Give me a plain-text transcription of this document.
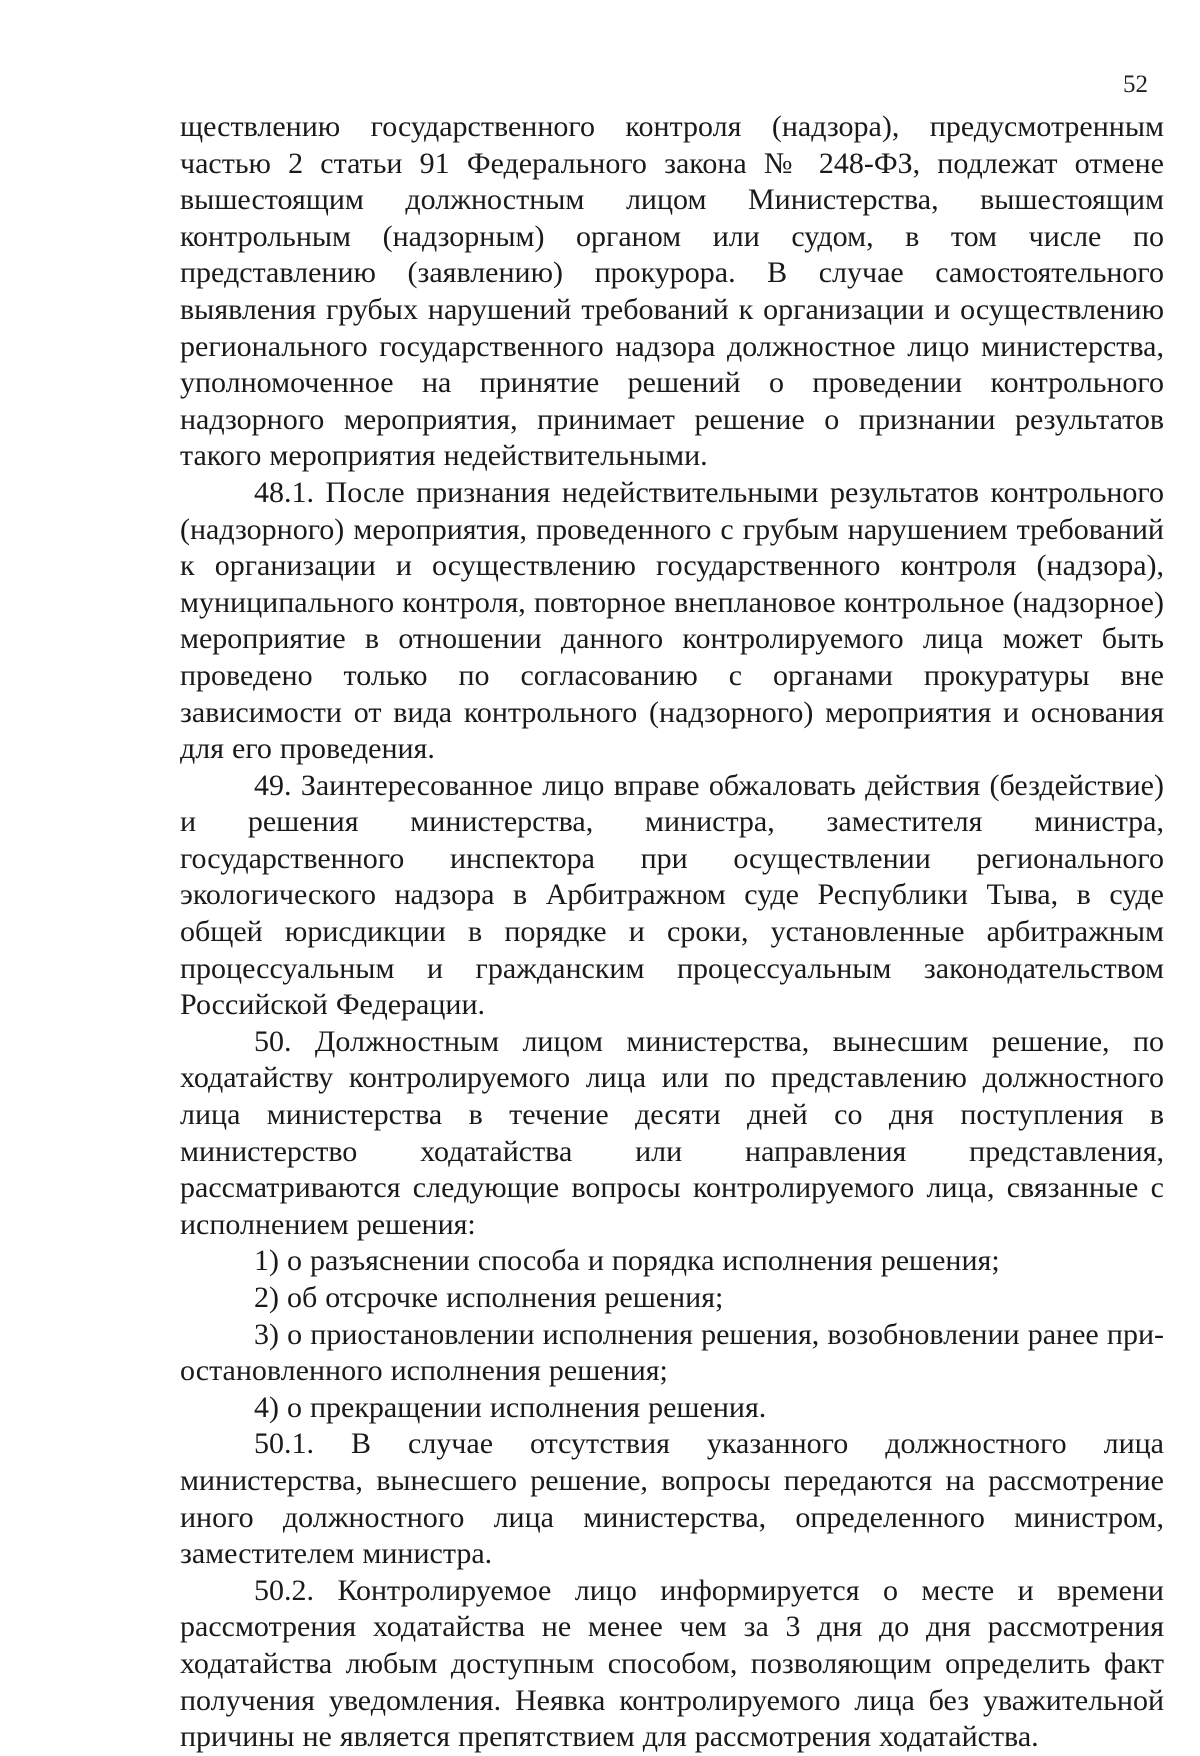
52

ществлению государственного контроля (надзора), предусмотренным частью 2 статьи 91 Федерального закона № 248-ФЗ, подлежат отмене вышестоящим должностным лицом Министерства, вышестоящим контрольным (надзорным) органом или судом, в том числе по представлению (заявлению) прокурора. В случае самостоятельного выявления грубых нарушений требований к организации и осуществлению регионального государственного надзора должностное лицо министерства, уполномоченное на принятие решений о проведении контрольного надзорного мероприятия, принимает решение о признании результатов такого мероприятия недействительными.

48.1. После признания недействительными результатов контрольного (надзорного) мероприятия, проведенного с грубым нарушением требований к организации и осуществлению государственного контроля (надзора), муниципального контроля, повторное внеплановое контрольное (надзорное) мероприятие в отношении данного контролируемого лица может быть проведено только по согласованию с органами прокуратуры вне зависимости от вида контрольного (надзорного) мероприятия и основания для его проведения.

49. Заинтересованное лицо вправе обжаловать действия (бездействие) и решения министерства, министра, заместителя министра, государственного инспектора при осуществлении регионального экологического надзора в Арбитражном суде Республики Тыва, в суде общей юрисдикции в порядке и сроки, установленные арбитражным процессуальным и гражданским процессуальным законодательством Российской Федерации.

50. Должностным лицом министерства, вынесшим решение, по ходатайству контролируемого лица или по представлению должностного лица министерства в течение десяти дней со дня поступления в министерство ходатайства или направления представления, рассматриваются следующие вопросы контролируемого лица, связанные с исполнением решения:

1) о разъяснении способа и порядка исполнения решения;

2) об отсрочке исполнения решения;

3) о приостановлении исполнения решения, возобновлении ранее приостановленного исполнения решения;

4) о прекращении исполнения решения.

50.1. В случае отсутствия указанного должностного лица министерства, вынесшего решение, вопросы передаются на рассмотрение иного должностного лица министерства, определенного министром, заместителем министра.

50.2. Контролируемое лицо информируется о месте и времени рассмотрения ходатайства не менее чем за 3 дня до дня рассмотрения ходатайства любым доступным способом, позволяющим определить факт получения уведомления. Неявка контролируемого лица без уважительной причины не является препятствием для рассмотрения ходатайства.
